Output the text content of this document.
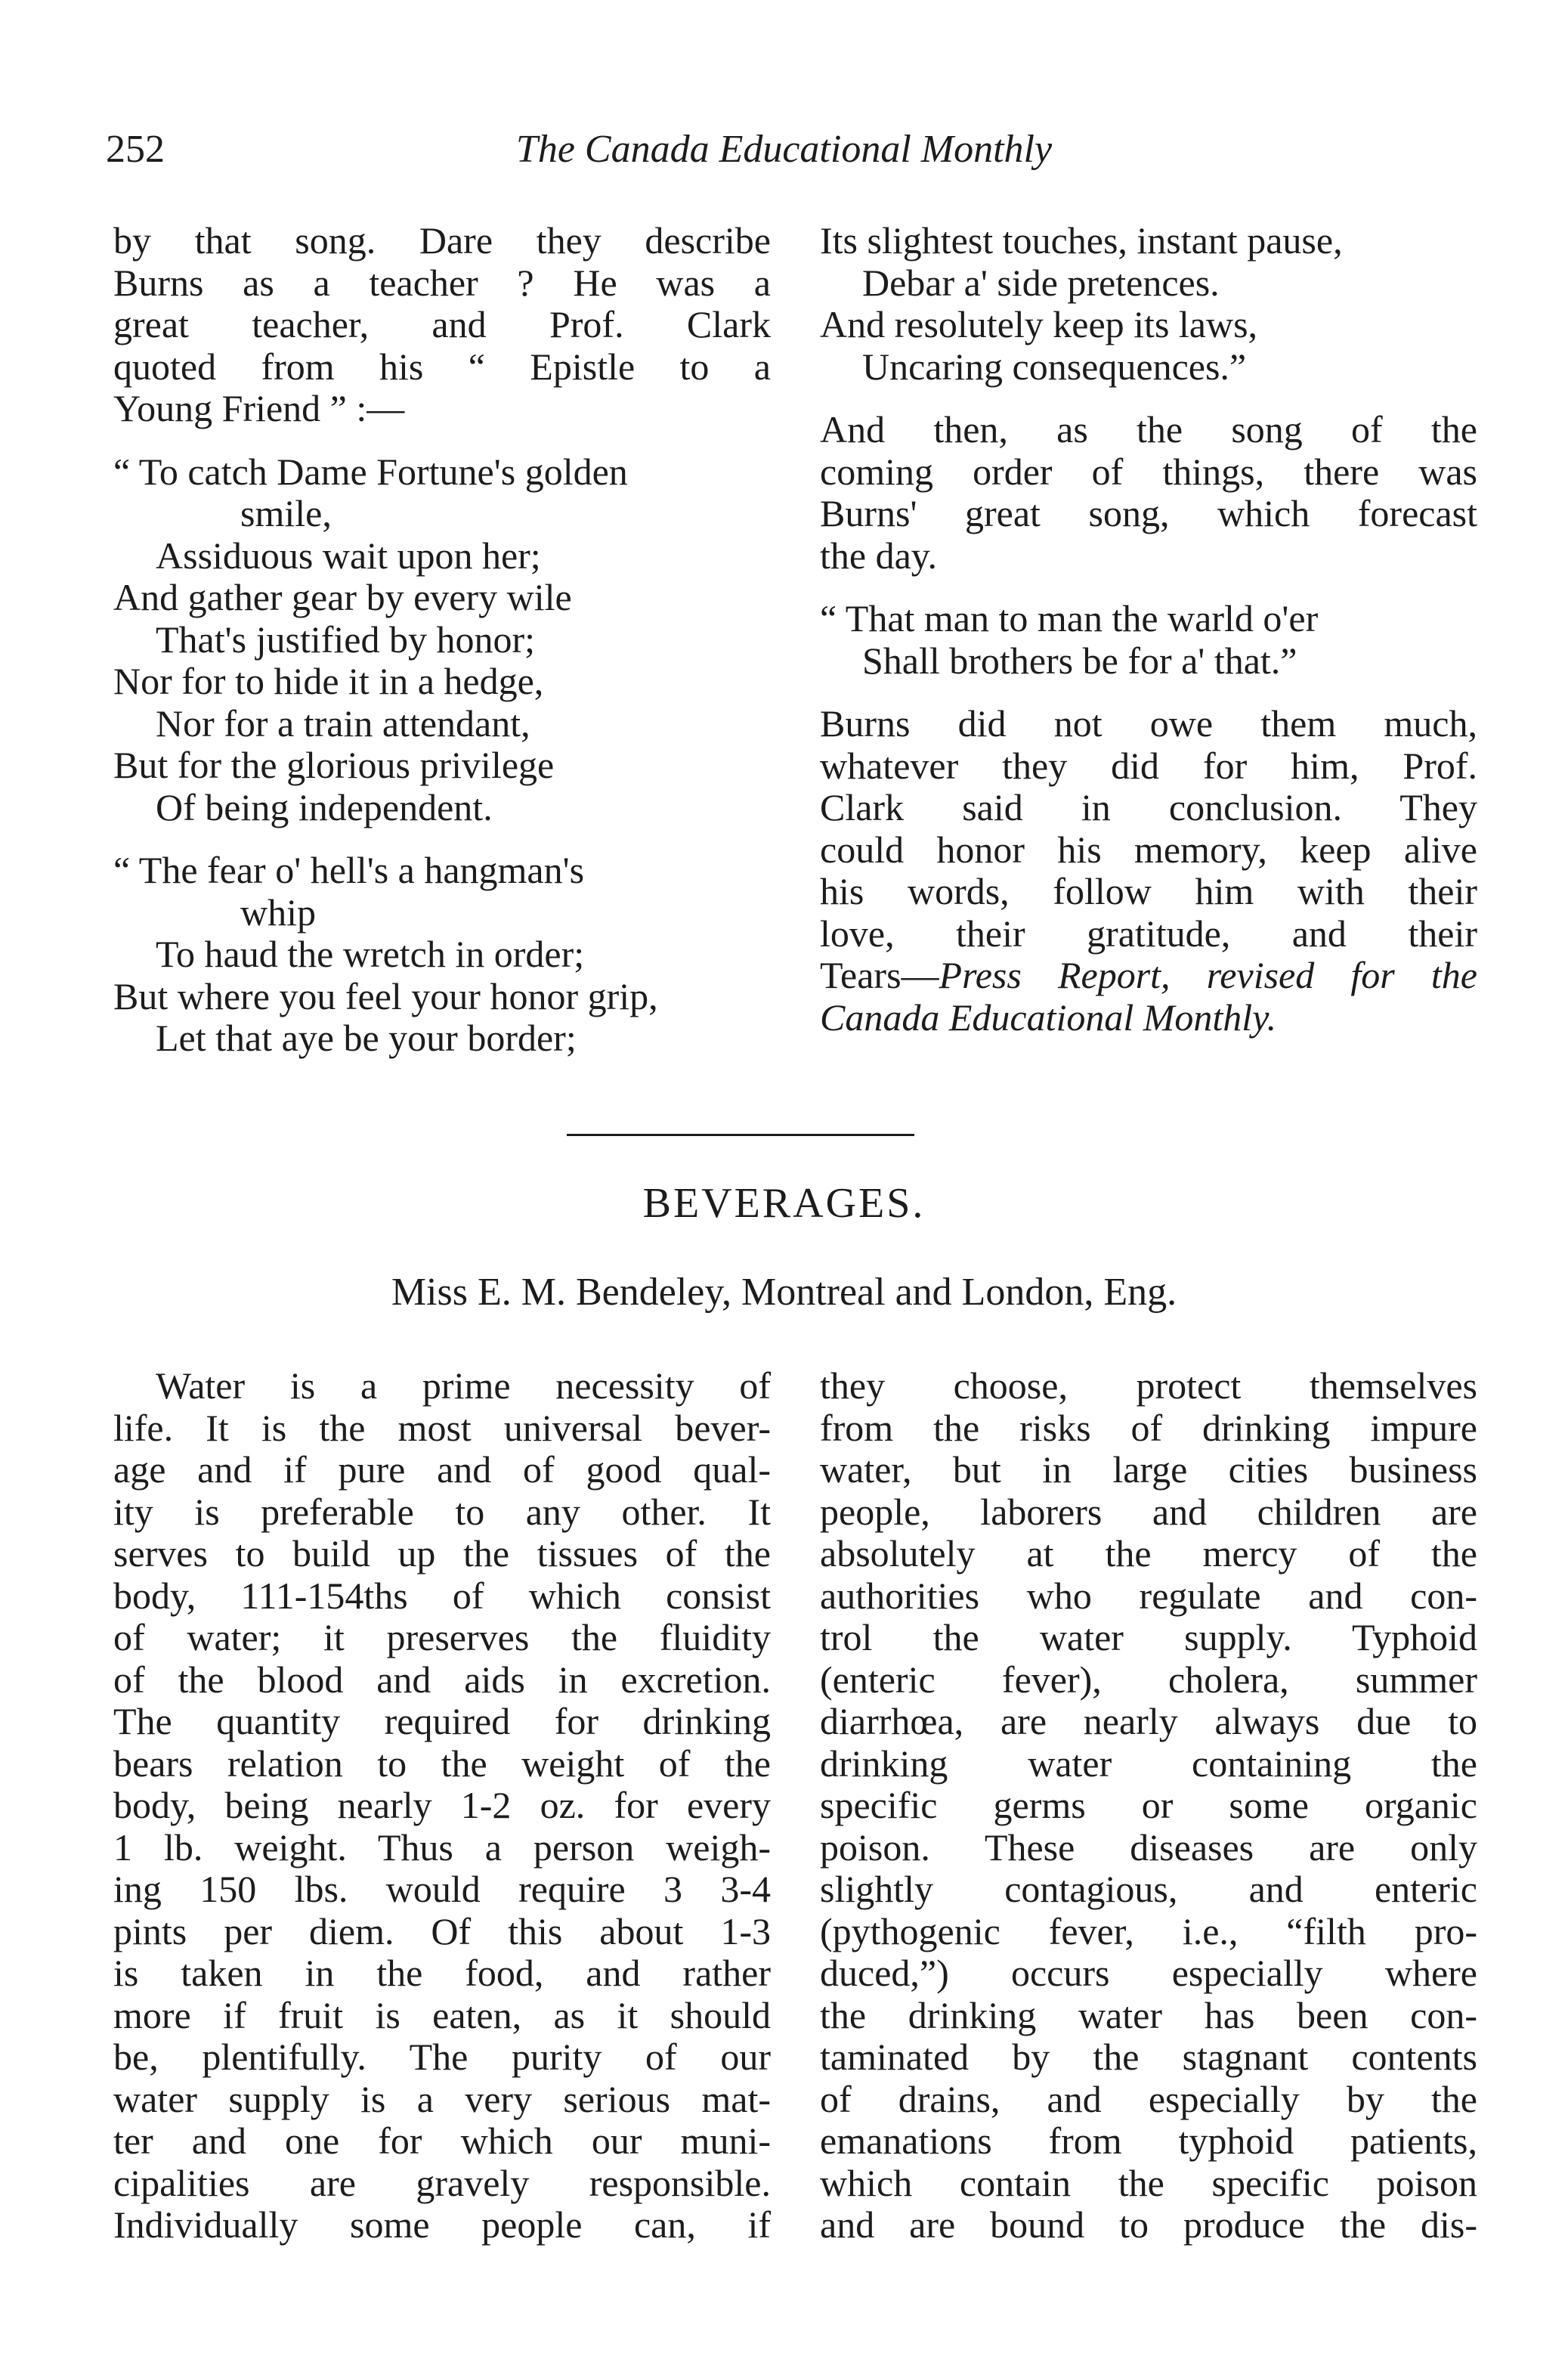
252	The Canada Educational Monthly
by that song. Dare they describe
Burns as a teacher ? He was a
great teacher, and Prof. Clark
quoted from his “ Epistle to a
Young Friend ” :—
“ To catch Dame Fortune's golden
smile,
Assiduous wait upon her;
And gather gear by every wile
That's justified by honor;
Nor for to hide it in a hedge,
Nor for a train attendant,
But for the glorious privilege
Of being independent.
“ The fear o' hell's a hangman's
whip
To haud the wretch in order;
But where you feel your honor grip,
Let that aye be your border;
Its slightest touches, instant pause,
Debar a' side pretences.
And resolutely keep its laws,
Uncaring consequences.”
And then, as the song of the
coming order of things, there was
Burns' great song, which forecast
the day.
“ That man to man the warld o'er
Shall brothers be for a' that.”
Burns did not owe them much,
whatever they did for him, Prof.
Clark said in conclusion. They
could honor his memory, keep alive
his words, follow him with their
love, their gratitude, and their
Tears—Press Report, revised for the
Canada Educational Monthly.
BEVERAGES.
Miss E. M. Bendeley, Montreal and London, Eng.
Water is a prime necessity of
life. It is the most universal bever-
age and if pure and of good qual-
ity is preferable to any other. It
serves to build up the tissues of the
body, 111-154ths of which consist
of water; it preserves the fluidity
of the blood and aids in excretion.
The quantity required for drinking
bears relation to the weight of the
body, being nearly 1-2 oz. for every
1 lb. weight. Thus a person weigh-
ing 150 lbs. would require 3 3-4
pints per diem. Of this about 1-3
is taken in the food, and rather
more if fruit is eaten, as it should
be, plentifully. The purity of our
water supply is a very serious mat-
ter and one for which our muni-
cipalities are gravely responsible.
Individually some people can, if
they choose, protect themselves
from the risks of drinking impure
water, but in large cities business
people, laborers and children are
absolutely at the mercy of the
authorities who regulate and con-
trol the water supply. Typhoid
(enteric fever), cholera, summer
diarrhœa, are nearly always due to
drinking water containing the
specific germs or some organic
poison. These diseases are only
slightly contagious, and enteric
(pythogenic fever, i.e., “filth pro-
duced,”) occurs especially where
the drinking water has been con-
taminated by the stagnant contents
of drains, and especially by the
emanations from typhoid patients,
which contain the specific poison
and are bound to produce the dis-
